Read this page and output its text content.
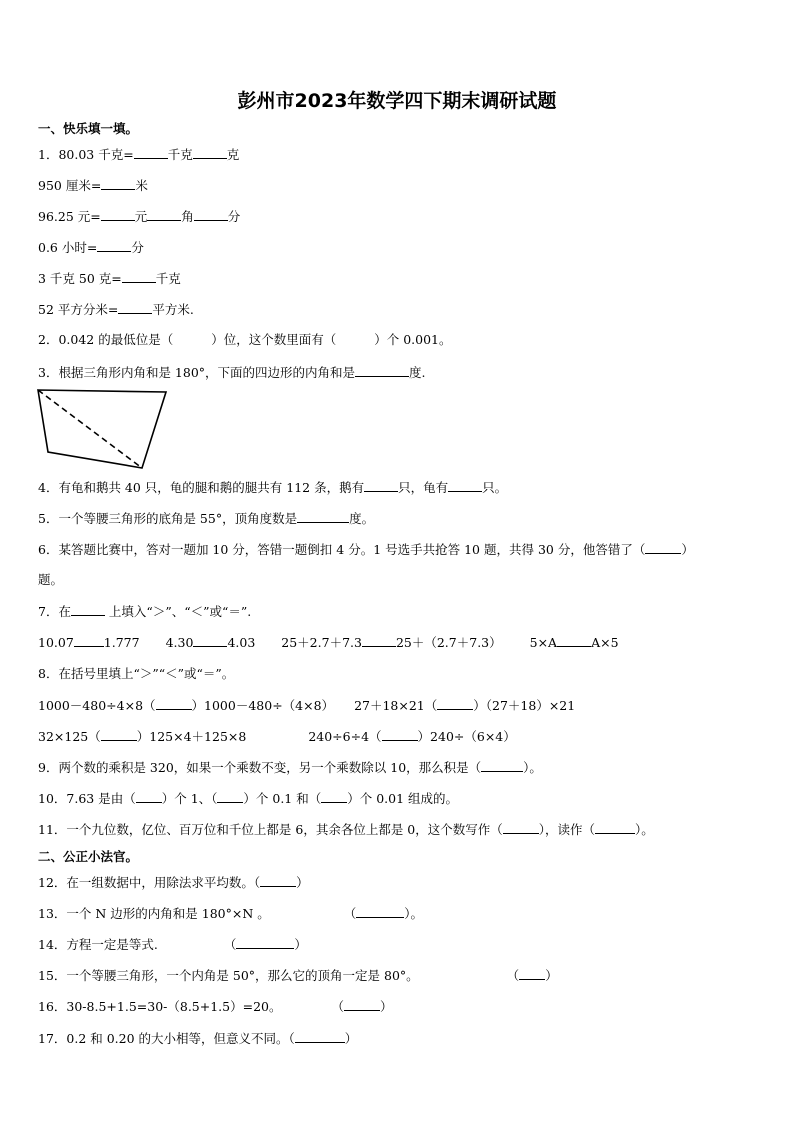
彭州市2023年数学四下期末调研试题
一、快乐填一填。
1．80.03 千克=	千克	克
950 厘米=	米
96.25 元=	元	角	分
0.6 小时=	分
3 千克 50 克=	千克
52 平方分米=	平方米.
2．0.042 的最低位是（	）位，这个数里面有（	）个 0.001。
3．根据三角形内角和是 180°，下面的四边形的内角和是	度.
4．有龟和鹅共 40 只，龟的腿和鹅的腿共有 112 条，鹅有	只，龟有	只。
5．一个等腰三角形的底角是 55°，顶角度数是	度。
6．某答题比赛中，答对一题加 10 分，答错一题倒扣 4 分。1 号选手共抢答 10 题，共得 30 分，他答错了（	）
题。
7．在	上填入“＞”、“＜”或“＝”.
10.07 1.777 4.30	4.03 25＋2.7＋7.3	25＋（2.7＋7.3） 5×A	A×5
8．在括号里填上“＞”“＜”或“＝”。
1000－480÷4×8（	）1000－480÷（4×8） 27＋18×21（	）（27＋18）×21
32×125（	）125×4＋125×8	240÷6÷4（	）240÷（6×4）
9．两个数的乘积是 320，如果一个乘数不变，另一个乘数除以 10，那么积是（	）。
10．7.63 是由（ ）个 1、（ ）个 0.1 和（ ）个 0.01 组成的。
11．一个九位数，亿位、百万位和千位上都是 6，其余各位上都是 0，这个数写作（	），读作（	）。
二、公正小法官。
12．在一组数据中，用除法求平均数。（	）
13．一个 N 边形的内角和是 180°×N 。	（	）。
14．方程一定是等式.	（	）
15．一个等腰三角形，一个内角是 50°，那么它的顶角一定是 80°。	（ ）
16．30-8.5+1.5=30-（8.5+1.5）=20。	（	）
17．0.2 和 0.20 的大小相等，但意义不同。（	）
